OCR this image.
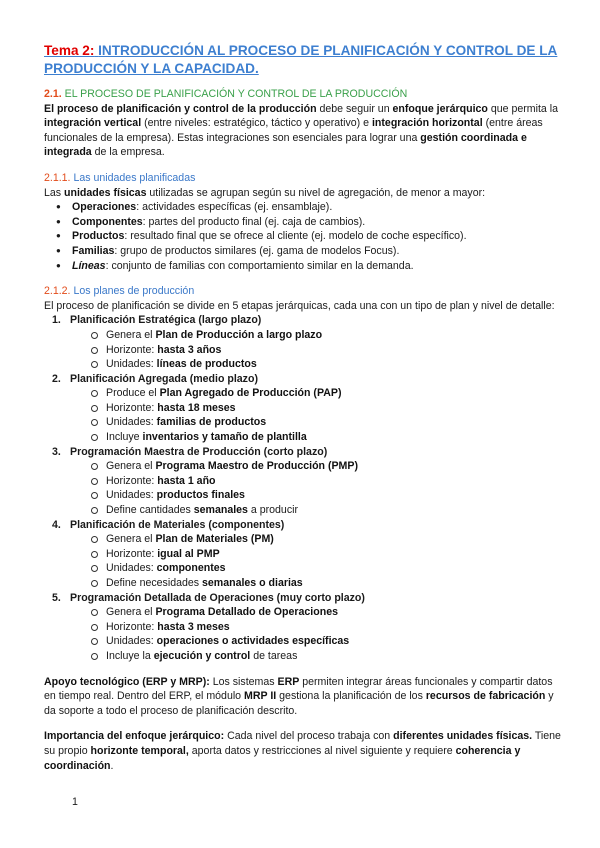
Tema 2: INTRODUCCIÓN AL PROCESO DE PLANIFICACIÓN Y CONTROL DE LA PRODUCCIÓN Y LA CAPACIDAD.
2.1. EL PROCESO DE PLANIFICACIÓN Y CONTROL DE LA PRODUCCIÓN

El proceso de planificación y control de la producción debe seguir un enfoque jerárquico que permita la integración vertical (entre niveles: estratégico, táctico y operativo) e integración horizontal (entre áreas funcionales de la empresa). Estas integraciones son esenciales para lograr una gestión coordinada e integrada de la empresa.

2.1.1. Las unidades planificadas

Las unidades físicas utilizadas se agrupan según su nivel de agregación, de menor a mayor:

● Operaciones: actividades específicas (ej. ensamblaje).
● Componentes: partes del producto final (ej. caja de cambios).
● Productos: resultado final que se ofrece al cliente (ej. modelo de coche específico).
● Familias: grupo de productos similares (ej. gama de modelos Focus).
● Líneas: conjunto de familias con comportamiento similar en la demanda.
2.1.2. Los planes de producción

El proceso de planificación se divide en 5 etapas jerárquicas, cada una con un tipo de plan y nivel de detalle:

1. Planificación Estratégica (largo plazo)
Genera el Plan de Producción a largo plazo
Horizonte: hasta 3 años
Unidades: líneas de productos
2. Planificación Agregada (medio plazo)
Produce el Plan Agregado de Producción (PAP)
Horizonte: hasta 18 meses
Unidades: familias de productos
Incluye inventarios y tamaño de plantilla
3. Programación Maestra de Producción (corto plazo)
Genera el Programa Maestro de Producción (PMP)
Horizonte: hasta 1 año
Unidades: productos finales
Define cantidades semanales a producir
4. Planificación de Materiales (componentes)
Genera el Plan de Materiales (PM)
Horizonte: igual al PMP
Unidades: componentes
Define necesidades semanales o diarias
5. Programación Detallada de Operaciones (muy corto plazo)
Genera el Programa Detallado de Operaciones
Horizonte: hasta 3 meses
Unidades: operaciones o actividades específicas
Incluye la ejecución y control de tareas

Apoyo tecnológico (ERP y MRP): Los sistemas ERP permiten integrar áreas funcionales y compartir datos en tiempo real. Dentro del ERP, el módulo MRP II gestiona la planificación de los recursos de fabricación y da soporte a todo el proceso de planificación descrito.

Importancia del enfoque jerárquico: Cada nivel del proceso trabaja con diferentes unidades físicas. Tiene su propio horizonte temporal, aporta datos y restricciones al nivel siguiente y requiere coherencia y coordinación.

1
